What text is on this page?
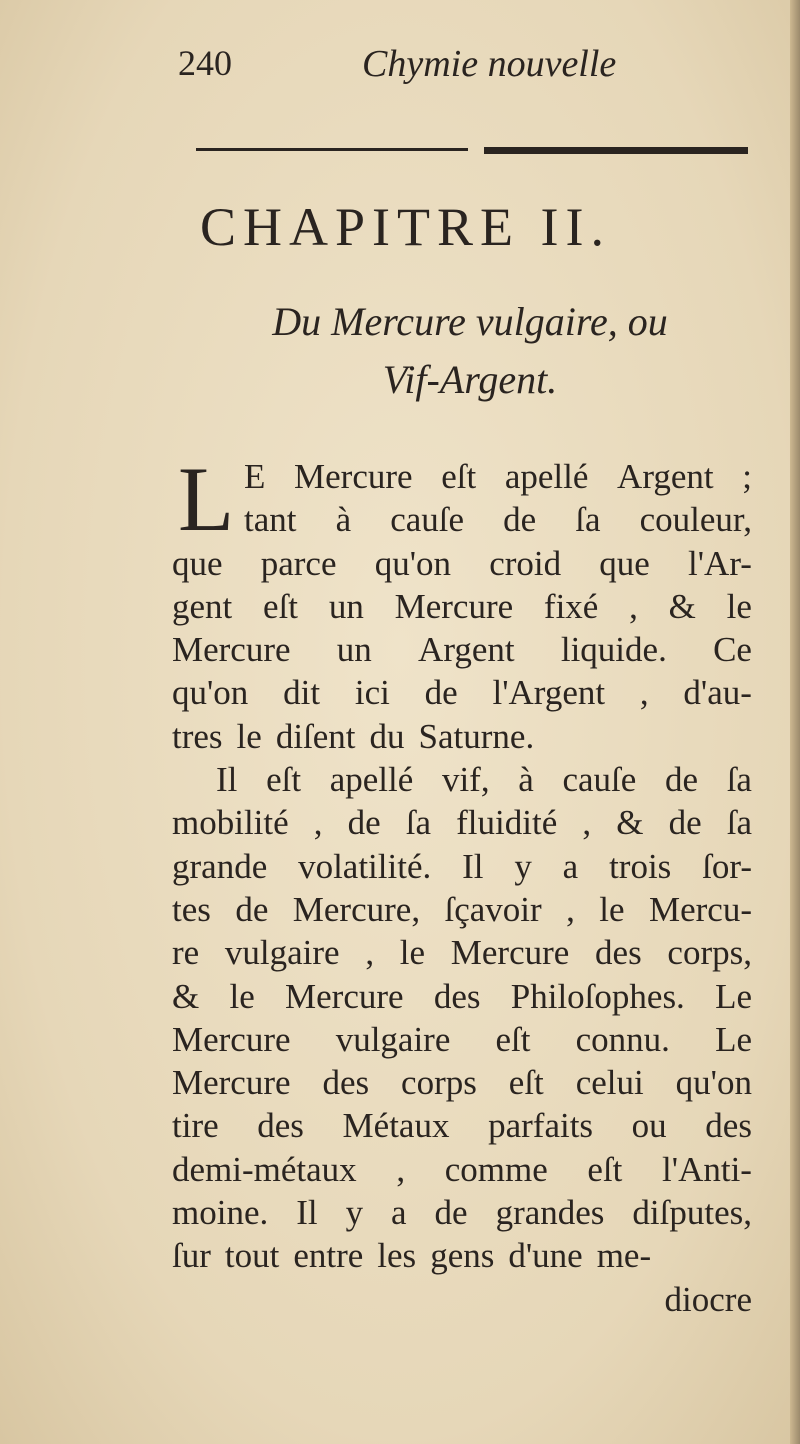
240	Chymie nouvelle
CHAPITRE II.
Du Mercure vulgaire, ou
Vif-Argent.
L E Mercure eſt apellé Argent ;
tant à cauſe de ſa couleur,
que parce qu'on croid que l'Ar-
gent eſt un Mercure fixé , & le
Mercure un Argent liquide. Ce
qu'on dit ici de l'Argent , d'au-
tres le diſent du Saturne.
Il eſt apellé vif, à cauſe de ſa
mobilité , de ſa fluidité , & de ſa
grande volatilité. Il y a trois ſor-
tes de Mercure, ſçavoir , le Mercu-
re vulgaire , le Mercure des corps,
& le Mercure des Philoſophes. Le
Mercure vulgaire eſt connu. Le
Mercure des corps eſt celui qu'on
tire des Métaux parfaits ou des
demi-métaux , comme eſt l'Anti-
moine. Il y a de grandes diſputes,
ſur tout entre les gens d'une me-
diocre
